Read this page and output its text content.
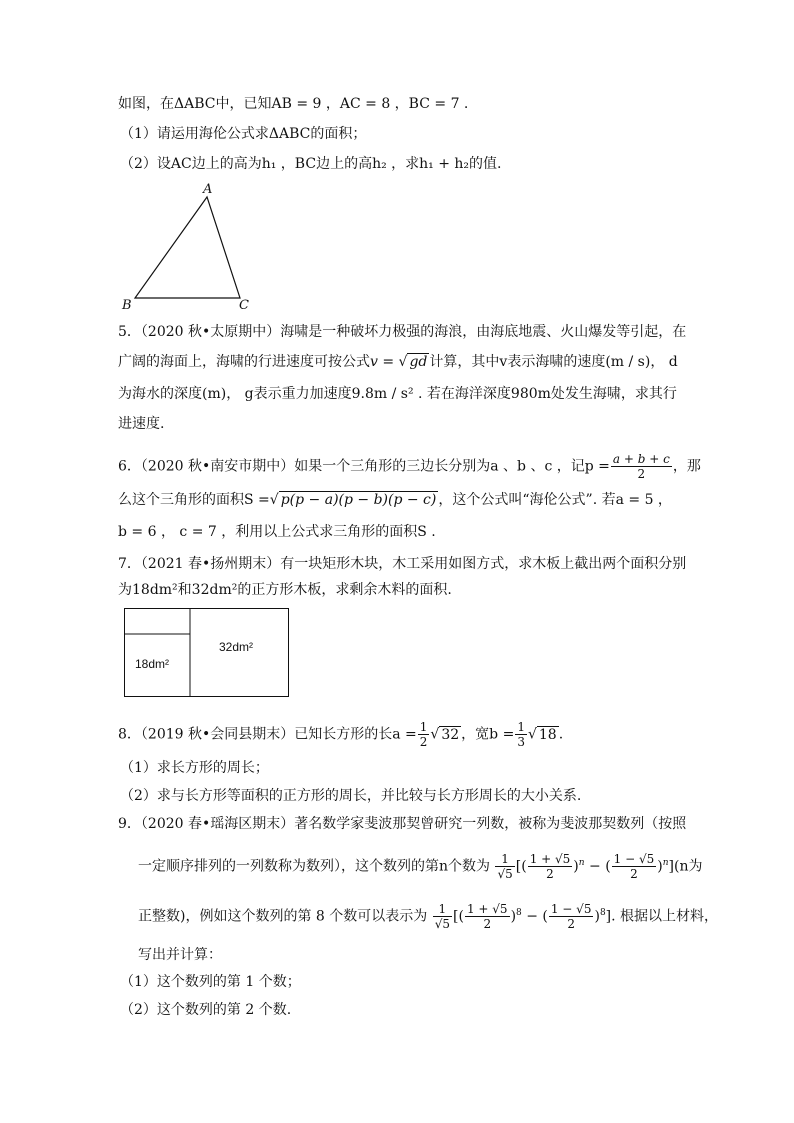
如图，在ΔABC中，已知AB = 9 ，AC = 8 ，BC = 7 .
（1）请运用海伦公式求ΔABC的面积；
（2）设AC边上的高为h₁ ，BC边上的高h₂ ，求h₁ + h₂的值.
A
B	C
5．（2020 秋•太原期中）海啸是一种破坏力极强的海浪，由海底地震、火山爆发等引起，在
广阔的海面上，海啸的行进速度可按公式v = √ gd 计算，其中v表示海啸的速度(m / s)， d
为海水的深度(m)， g表示重力加速度9.8m / s² . 若在海洋深度980m处发生海啸，求其行
进速度.
6．（2020 秋•南安市期中）如果一个三角形的三边长分别为a 、b 、c ，记$p = \frac{a + b + c}{2}$ ，那
么这个三角形的面积S =√ p(p − a)(p − b)(p − c) ，这个公式叫“海伦公式”. 若a = 5 ，
b = 6 ， c = 7 ，利用以上公式求三角形的面积S .
7．（2021 春•扬州期末）有一块矩形木块，木工采用如图方式，求木板上截出两个面积分别
为18dm²和32dm²的正方形木板，求剩余木料的面积.
18dm²
32dm²
8．（2019 秋•会同县期末）已知长方形的长$a = \frac{1}{2}$ √ 32 ，宽$b = \frac{1}{3}$ √ 18 .
（1）求长方形的周长；
（2）求与长方形等面积的正方形的周长，并比较与长方形周长的大小关系.
9．（2020 春•瑶海区期末）著名数学家斐波那契曾研究一列数，被称为斐波那契数列（按照
一定顺序排列的一列数称为数列），这个数列的第n个数为 $\frac{1}{√5}$ [( $\frac{1 + √5}{2} )^n$ − ( $\frac{1 - √5}{2} )^n](n$为
正整数)，例如这个数列的第 8 个数可以表示为 $\frac{1}{√5}$ [( $\frac{1 + √5}{2} )^8$ − ( $\frac{1 - √5}{2} )^8$]. 根据以上材料，
写出并计算：
（1）这个数列的第 1 个数；
（2）这个数列的第 2 个数.
